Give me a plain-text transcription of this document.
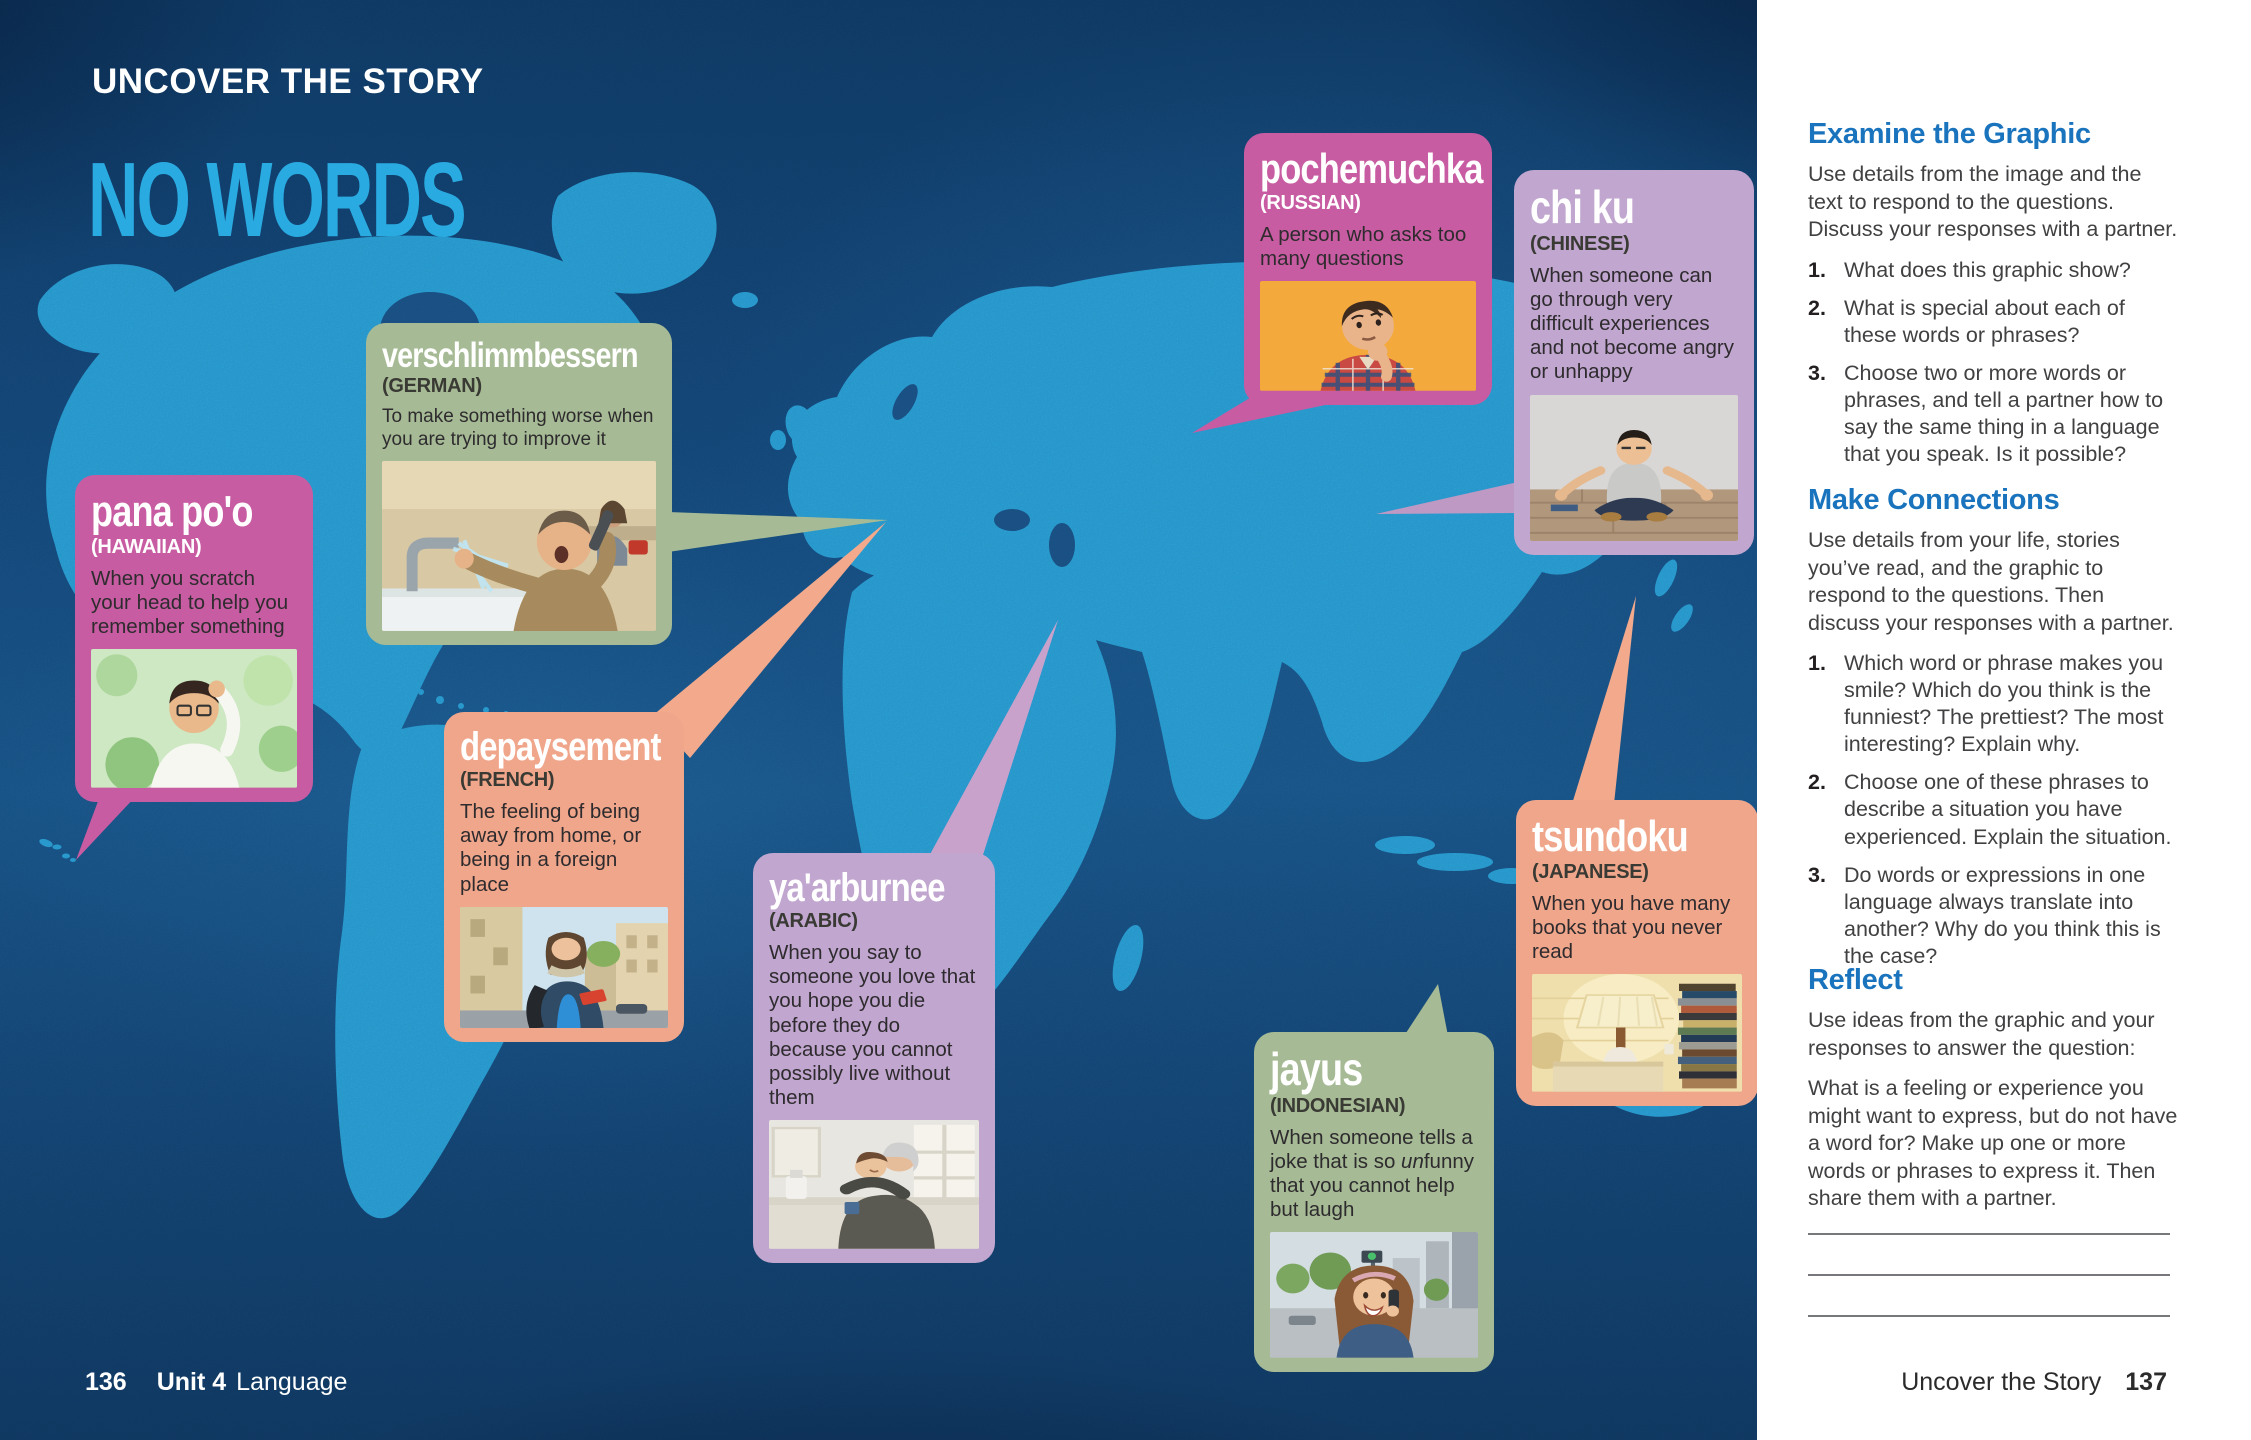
UNCOVER THE STORY
NO WORDS
pana po'o
(HAWAIIAN)
When you scratch your head to help you remember something
verschlimmbessern
(GERMAN)
To make something worse when you are trying to improve it
depaysement
(FRENCH)
The feeling of being away from home, or being in a foreign place	ya'arburnee
(ARABIC)
When you say to someone you love that you hope you die before they do because you cannot possibly live without them
pochemuchka
(RUSSIAN)
A person who asks too many questions
chi ku
(CHINESE)
When someone can go through very difficult experiences and not become angry or unhappy
tsundoku
(JAPANESE)
When you have many books that you never read
jayus
(INDONESIAN)
When someone tells a joke that is so unfunny that you cannot help but laugh
136 Unit 4 Language
Examine the Graphic

Use details from the image and the text to respond to the questions. Discuss your responses with a partner.

1. What does this graphic show?
2. What is special about each of these words or phrases?
3. Choose two or more words or phrases, and tell a partner how to say the same thing in a language that you speak. Is it possible?
Make Connections

Use details from your life, stories you’ve read, and the graphic to respond to the questions. Then discuss your responses with a partner.

1. Which word or phrase makes you smile? Which do you think is the funniest? The prettiest? The most interesting? Explain why.
2. Choose one of these phrases to describe a situation you have experienced. Explain the situation.
3. Do words or expressions in one language always translate into another? Why do you think this is the case?
Reflect

Use ideas from the graphic and your responses to answer the question:

What is a feeling or experience you might want to express, but do not have a word for? Make up one or more words or phrases to express it. Then share them with a partner.

Uncover the Story 137
